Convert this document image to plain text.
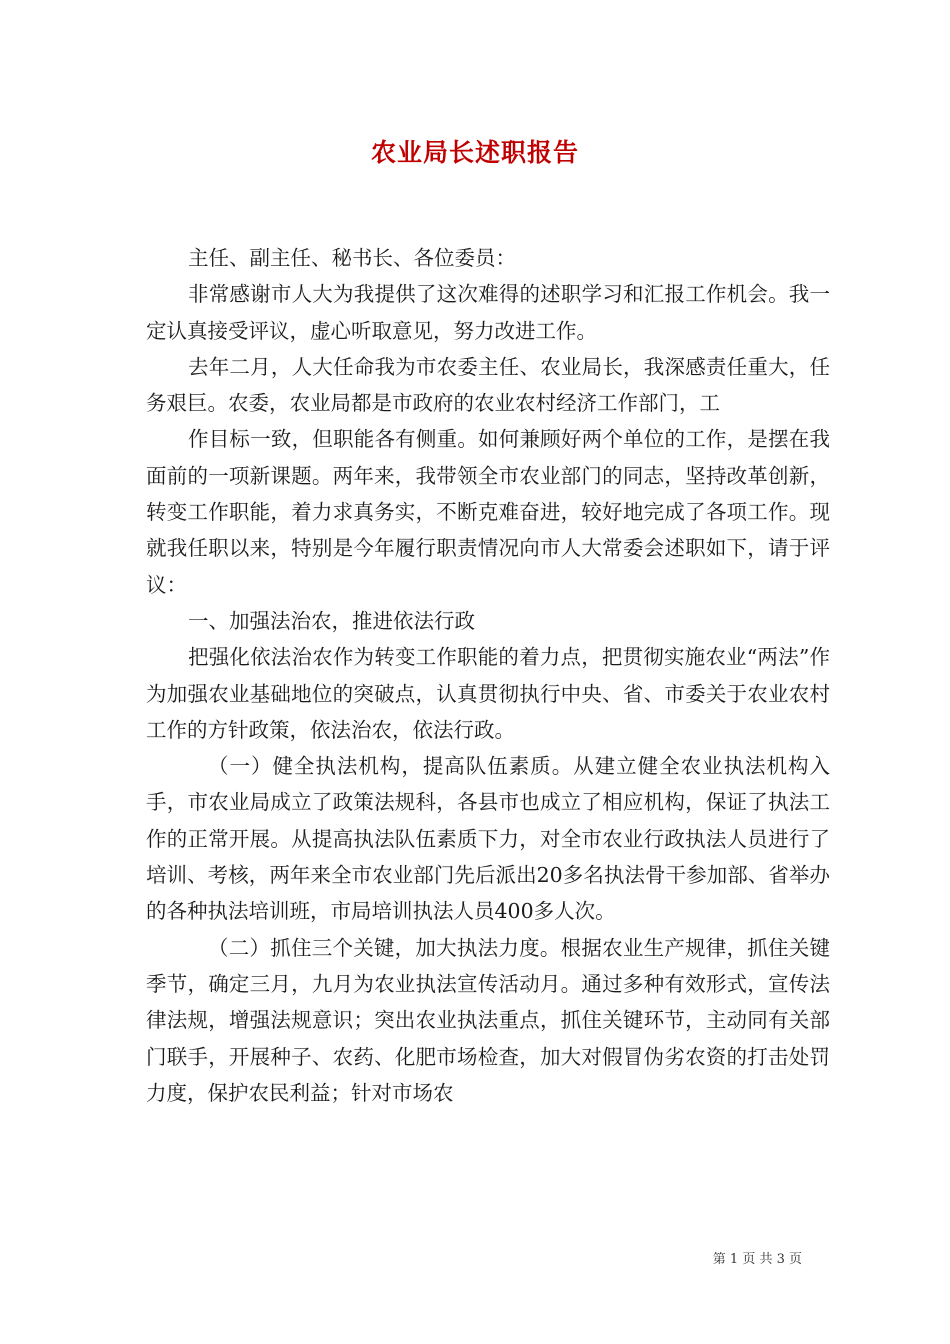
农业局长述职报告

主任、副主任、秘书长、各位委员：

非常感谢市人大为我提供了这次难得的述职学习和汇报工作机会。我一定认真接受评议，虚心听取意见，努力改进工作。

去年二月，人大任命我为市农委主任、农业局长，我深感责任重大，任务艰巨。农委，农业局都是市政府的农业农村经济工作部门，工

作目标一致，但职能各有侧重。如何兼顾好两个单位的工作，是摆在我面前的一项新课题。两年来，我带领全市农业部门的同志，坚持改革创新，转变工作职能，着力求真务实，不断克难奋进，较好地完成了各项工作。现就我任职以来，特别是今年履行职责情况向市人大常委会述职如下，请于评议：

一、加强法治农，推进依法行政

把强化依法治农作为转变工作职能的着力点，把贯彻实施农业“两法”作为加强农业基础地位的突破点，认真贯彻执行中央、省、市委关于农业农村工作的方针政策，依法治农，依法行政。

（一）健全执法机构，提高队伍素质。从建立健全农业执法机构入手，市农业局成立了政策法规科，各县市也成立了相应机构，保证了执法工作的正常开展。从提高执法队伍素质下力，对全市农业行政执法人员进行了培训、考核，两年来全市农业部门先后派出20多名执法骨干参加部、省举办的各种执法培训班，市局培训执法人员400多人次。

（二）抓住三个关键，加大执法力度。根据农业生产规律，抓住关键季节，确定三月，九月为农业执法宣传活动月。通过多种有效形式，宣传法律法规，增强法规意识；突出农业执法重点，抓住关键环节，主动同有关部门联手，开展种子、农药、化肥市场检查，加大对假冒伪劣农资的打击处罚力度，保护农民利益；针对市场农

第 1 页 共 3 页
